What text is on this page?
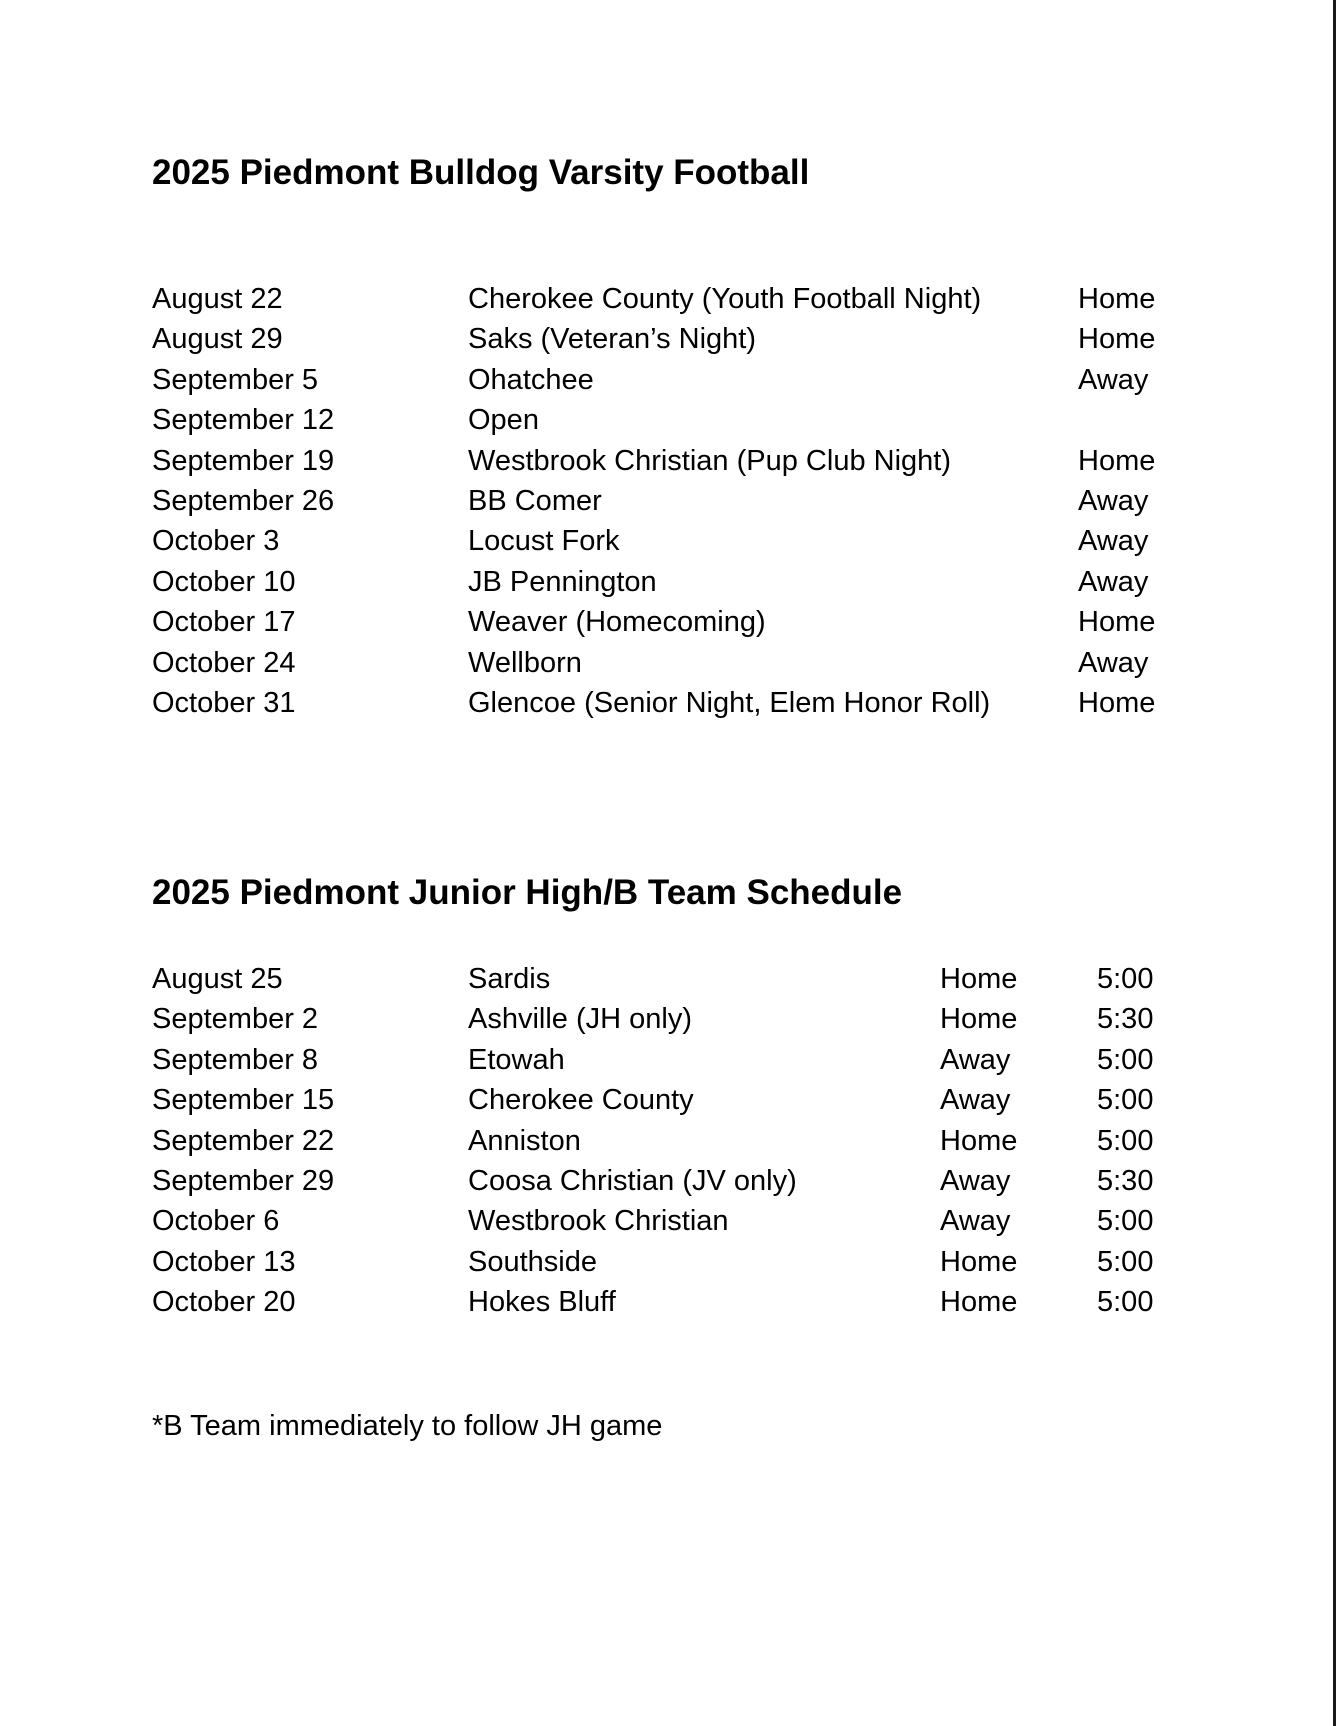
2025 Piedmont Bulldog Varsity Football
August 22	Cherokee County (Youth Football Night)	Home
August 29	Saks (Veteran’s Night)	Home
September 5	Ohatchee	Away
September 12	Open
September 19	Westbrook Christian (Pup Club Night)	Home
September 26	BB Comer	Away
October 3	Locust Fork	Away
October 10	JB Pennington	Away
October 17	Weaver (Homecoming)	Home
October 24	Wellborn	Away
October 31	Glencoe (Senior Night, Elem Honor Roll)	Home
2025 Piedmont Junior High/B Team Schedule
August 25	Sardis	Home	5:00
September 2	Ashville (JH only)	Home	5:30
September 8	Etowah	Away	5:00
September 15	Cherokee County	Away	5:00
September 22	Anniston	Home	5:00
September 29	Coosa Christian (JV only)	Away	5:30
October 6	Westbrook Christian	Away	5:00
October 13	Southside	Home	5:00
October 20	Hokes Bluff	Home	5:00

*B Team immediately to follow JH game
